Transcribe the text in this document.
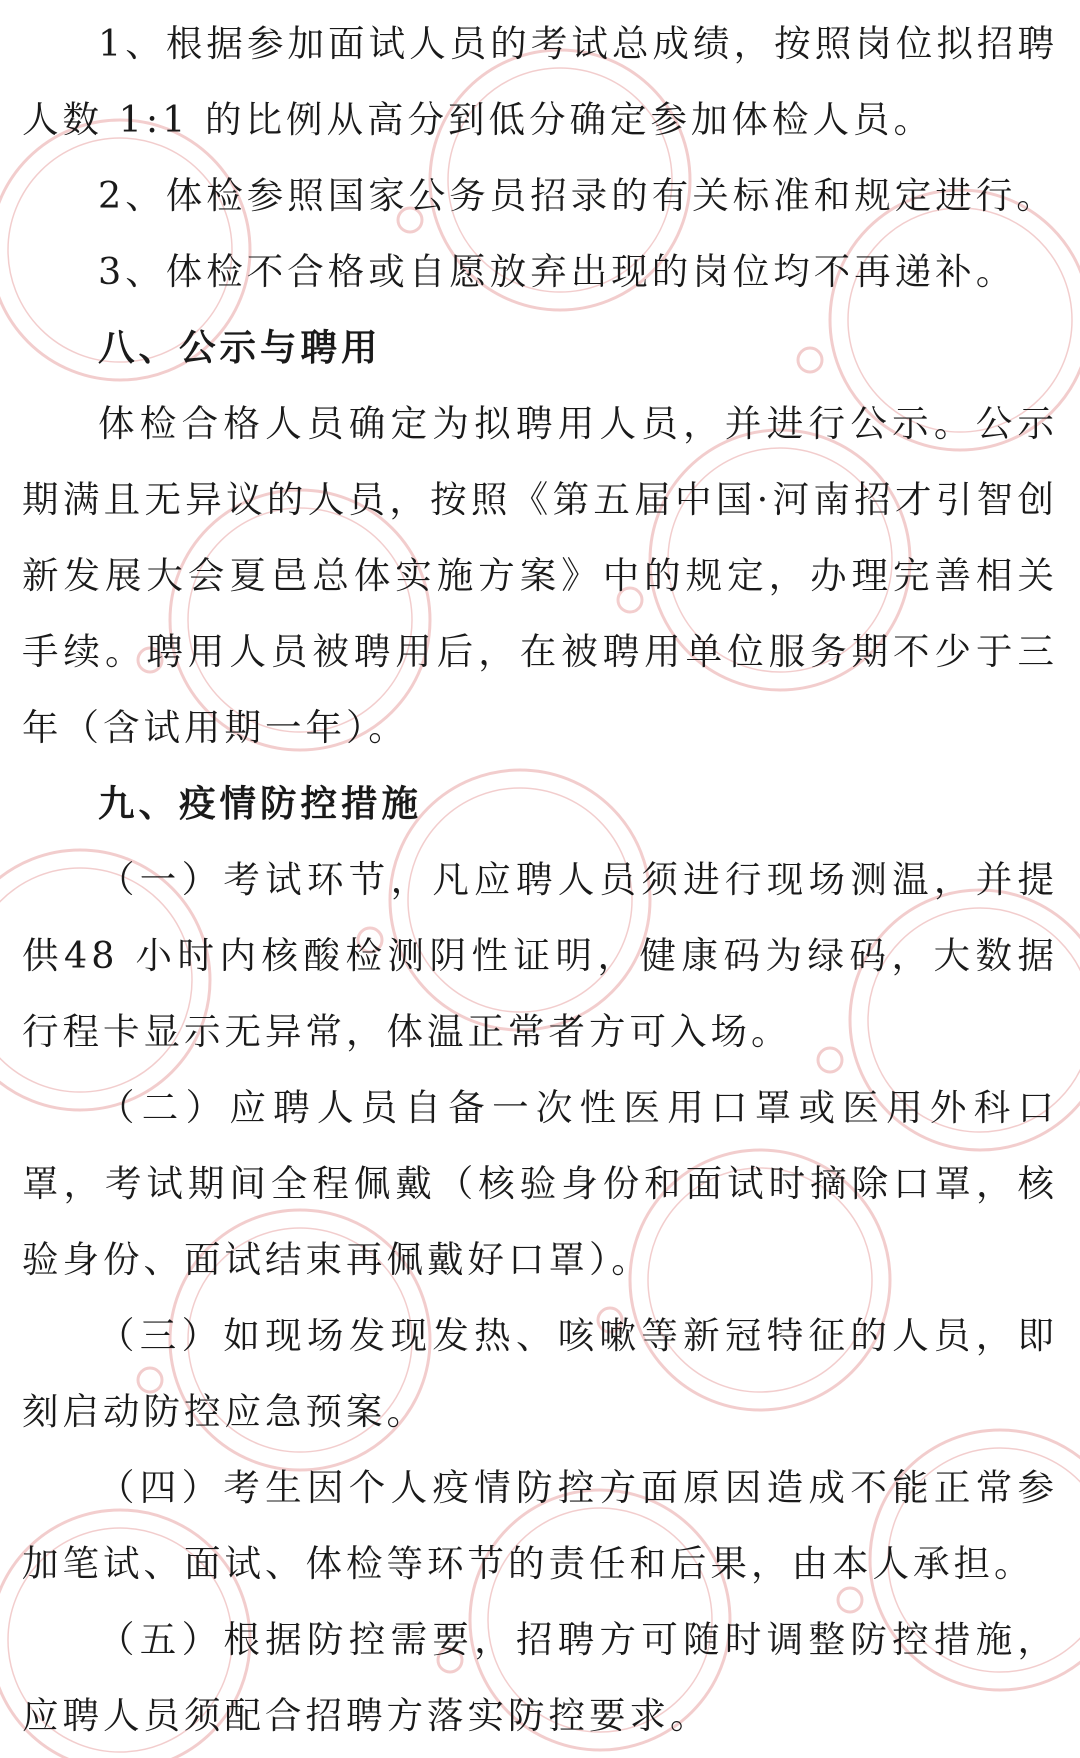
1、根据参加面试人员的考试总成绩，按照岗位拟招聘人数 1:1 的比例从高分到低分确定参加体检人员。

2、体检参照国家公务员招录的有关标准和规定进行。

3、体检不合格或自愿放弃出现的岗位均不再递补。

八、公示与聘用

体检合格人员确定为拟聘用人员，并进行公示。公示期满且无异议的人员，按照《第五届中国·河南招才引智创新发展大会夏邑总体实施方案》中的规定，办理完善相关手续。聘用人员被聘用后，在被聘用单位服务期不少于三年（含试用期一年）。

九、疫情防控措施

（一）考试环节，凡应聘人员须进行现场测温，并提供48 小时内核酸检测阴性证明，健康码为绿码，大数据行程卡显示无异常，体温正常者方可入场。

（二）应聘人员自备一次性医用口罩或医用外科口罩，考试期间全程佩戴（核验身份和面试时摘除口罩，核验身份、面试结束再佩戴好口罩）。

（三）如现场发现发热、咳嗽等新冠特征的人员，即刻启动防控应急预案。

（四）考生因个人疫情防控方面原因造成不能正常参加笔试、面试、体检等环节的责任和后果，由本人承担。

（五）根据防控需要，招聘方可随时调整防控措施，应聘人员须配合招聘方落实防控要求。
